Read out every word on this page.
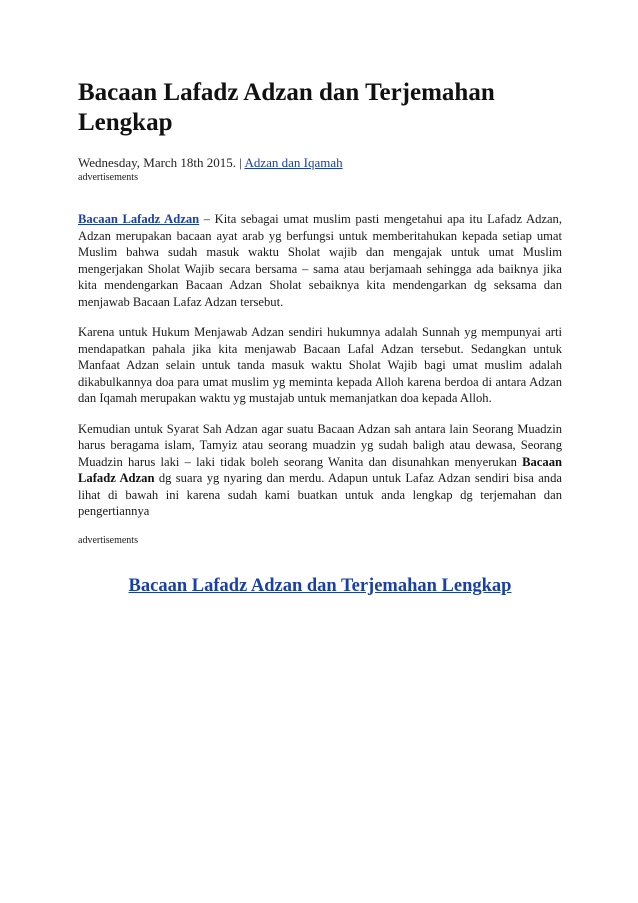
Bacaan Lafadz Adzan dan Terjemahan Lengkap

Wednesday, March 18th 2015. | Adzan dan Iqamah

advertisements

Bacaan Lafadz Adzan – Kita sebagai umat muslim pasti mengetahui apa itu Lafadz Adzan, Adzan merupakan bacaan ayat arab yg berfungsi untuk memberitahukan kepada setiap umat Muslim bahwa sudah masuk waktu Sholat wajib dan mengajak untuk umat Muslim mengerjakan Sholat Wajib secara bersama – sama atau berjamaah sehingga ada baiknya jika kita mendengarkan Bacaan Adzan Sholat sebaiknya kita mendengarkan dg seksama dan menjawab Bacaan Lafaz Adzan tersebut.

Karena untuk Hukum Menjawab Adzan sendiri hukumnya adalah Sunnah yg mempunyai arti mendapatkan pahala jika kita menjawab Bacaan Lafal Adzan tersebut. Sedangkan untuk Manfaat Adzan selain untuk tanda masuk waktu Sholat Wajib bagi umat muslim adalah dikabulkannya doa para umat muslim yg meminta kepada Alloh karena berdoa di antara Adzan dan Iqamah merupakan waktu yg mustajab untuk memanjatkan doa kepada Alloh.

Kemudian untuk Syarat Sah Adzan agar suatu Bacaan Adzan sah antara lain Seorang Muadzin harus beragama islam, Tamyiz atau seorang muadzin yg sudah baligh atau dewasa, Seorang Muadzin harus laki – laki tidak boleh seorang Wanita dan disunahkan menyerukan Bacaan Lafadz Adzan dg suara yg nyaring dan merdu. Adapun untuk Lafaz Adzan sendiri bisa anda lihat di bawah ini karena sudah kami buatkan untuk anda lengkap dg terjemahan dan pengertiannya

advertisements

Bacaan Lafadz Adzan dan Terjemahan Lengkap
